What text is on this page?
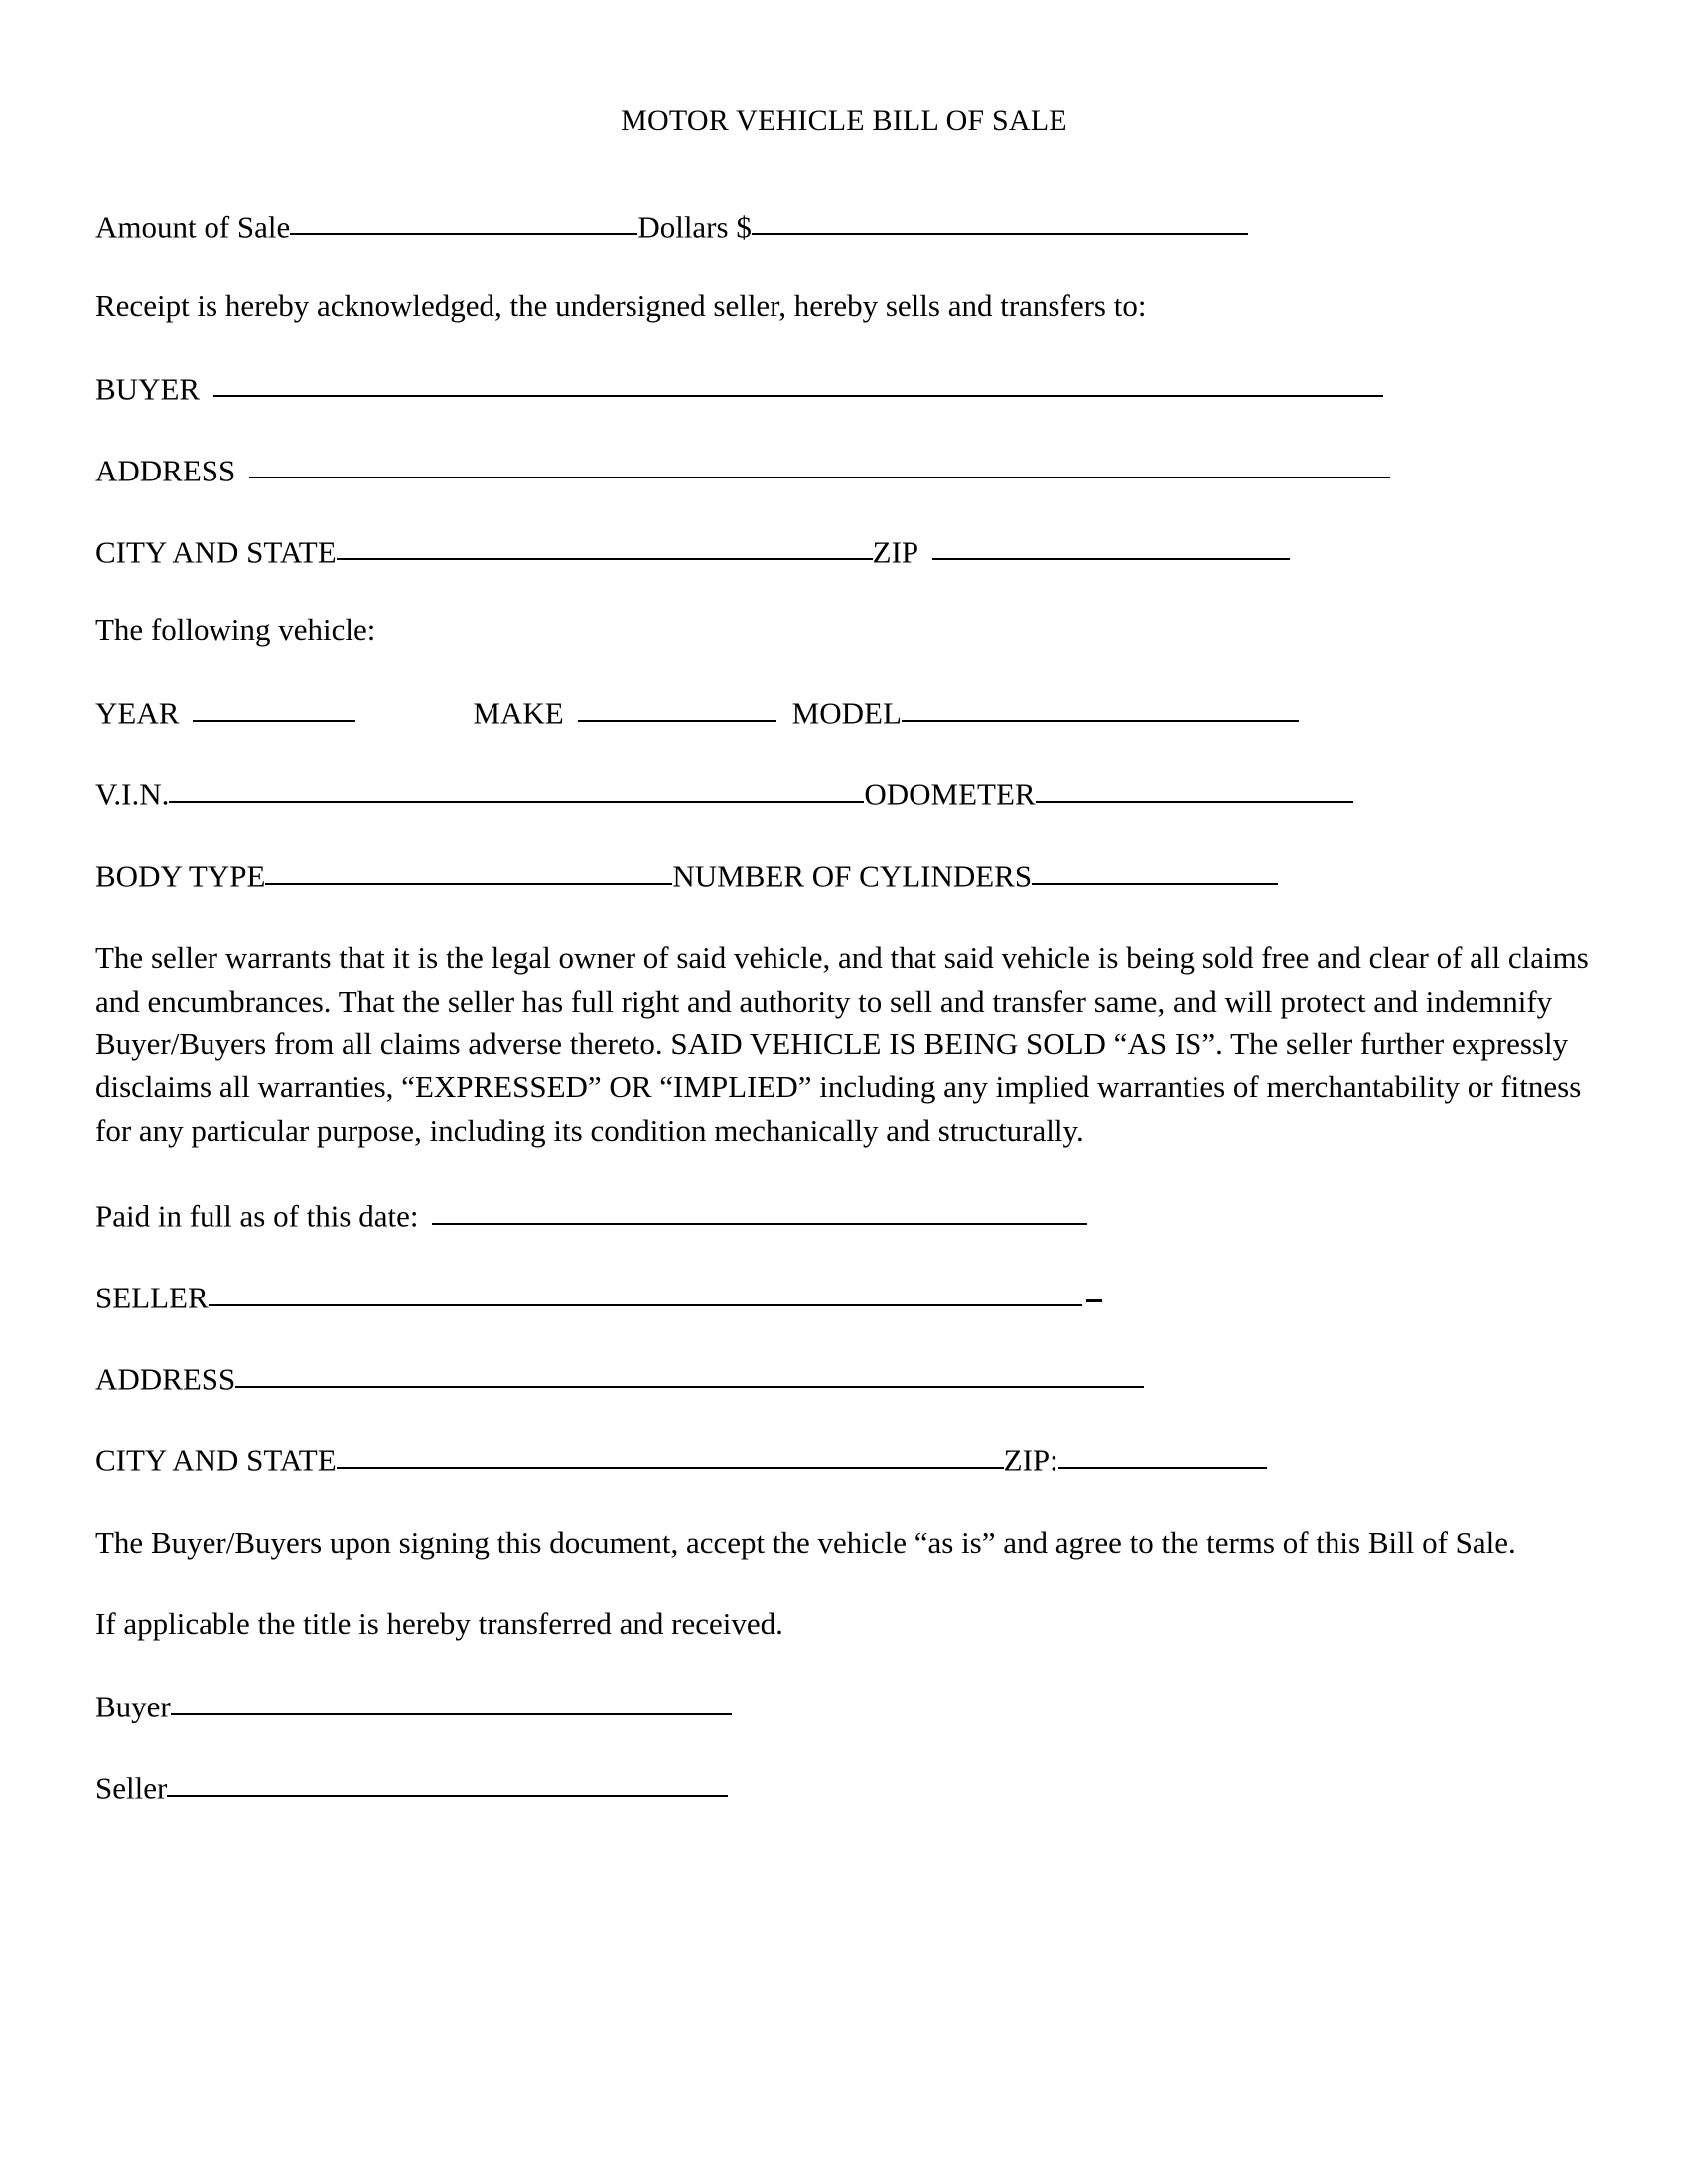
MOTOR VEHICLE BILL OF SALE
Amount of Sale	Dollars $
Receipt is hereby acknowledged, the undersigned seller, hereby sells and transfers to:
BUYER
ADDRESS
CITY AND STATE	ZIP
The following vehicle:
YEAR	MAKE	MODEL
V.I.N.	ODOMETER
BODY TYPE	NUMBER OF CYLINDERS
The seller warrants that it is the legal owner of said vehicle, and that said vehicle is being sold free and clear of all claims and encumbrances. That the seller has full right and authority to sell and transfer same, and will protect and indemnify Buyer/Buyers from all claims adverse thereto. SAID VEHICLE IS BEING SOLD “AS IS”. The seller further expressly disclaims all warranties, “EXPRESSED” OR “IMPLIED” including any implied warranties of merchantability or fitness for any particular purpose, including its condition mechanically and structurally.
Paid in full as of this date:
SELLER
ADDRESS
CITY AND STATE	ZIP:
The Buyer/Buyers upon signing this document, accept the vehicle “as is” and agree to the terms of this Bill of Sale.
If applicable the title is hereby transferred and received.
Buyer
Seller
